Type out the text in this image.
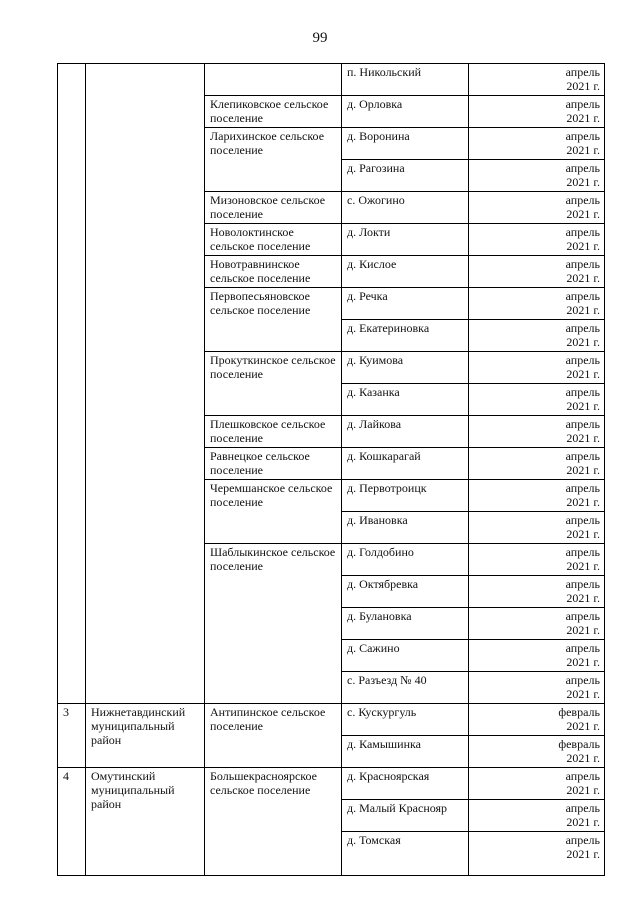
99
			п. Никольский	апрель
2021 г.

		Клепиковское сельское поселение	д. Орловка	апрель
2021 г.

		Ларихинское сельское поселение	д. Воронина	апрель
2021 г.

			д. Рагозина	апрель
2021 г.

		Мизоновское сельское поселение	с. Ожогино	апрель
2021 г.

		Новолоктинское сельское поселение	д. Локти	апрель
2021 г.

		Новотравнинское сельское поселение	д. Кислое	апрель
2021 г.

		Первопесьяновское сельское поселение	д. Речка	апрель
2021 г.

			д. Екатериновка	апрель
2021 г.

		Прокуткинское сельское поселение	д. Куимова	апрель
2021 г.

			д. Казанка	апрель
2021 г.

		Плешковское сельское поселение	д. Лайкова	апрель
2021 г.

		Равнецкое сельское поселение	д. Кошкарагай	апрель
2021 г.

		Черемшанское сельское поселение	д. Первотроицк	апрель
2021 г.

			д. Ивановка	апрель
2021 г.

		Шаблыкинское сельское поселение	д. Голдобино	апрель
2021 г.

			д. Октябревка	апрель
2021 г.

			д. Булановка	апрель
2021 г.

			д. Сажино	апрель
2021 г.

			с. Разъезд № 40	апрель
2021 г.

3	Нижнетавдинский муниципальный район	Антипинское сельское поселение	с. Кускургуль	февраль
2021 г.

			д. Камышинка	февраль
2021 г.

4	Омутинский муниципальный район	Большекрасноярское сельское поселение	д. Красноярская	апрель
2021 г.

			д. Малый Краснояр	апрель
2021 г.

			д. Томская	апрель
2021 г.
